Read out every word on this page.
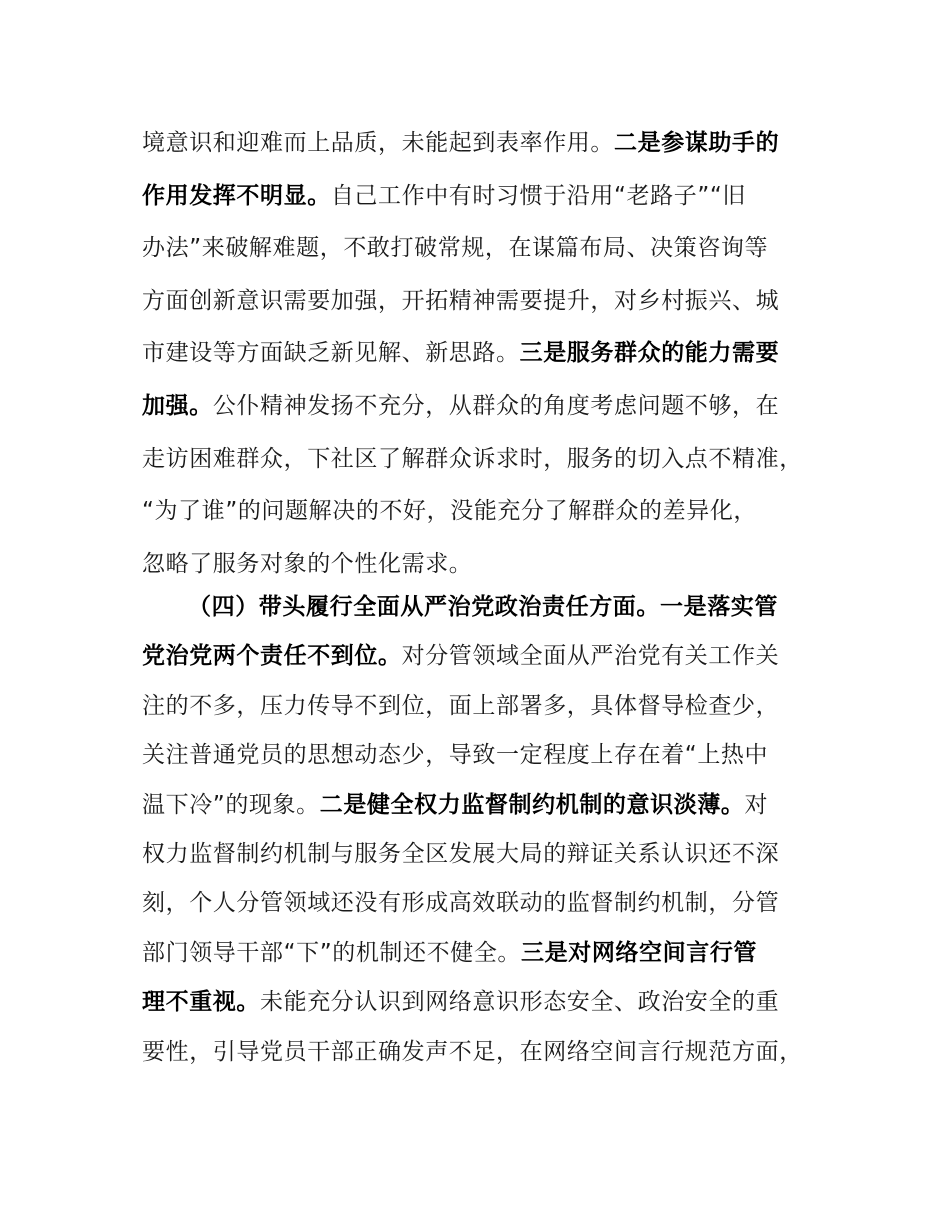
境意识和迎难而上品质，未能起到表率作用。二是参谋助手的
作用发挥不明显。自己工作中有时习惯于沿用“老路子”“旧
办法”来破解难题，不敢打破常规，在谋篇布局、决策咨询等
方面创新意识需要加强，开拓精神需要提升，对乡村振兴、城
市建设等方面缺乏新见解、新思路。三是服务群众的能力需要
加强。公仆精神发扬不充分，从群众的角度考虑问题不够，在
走访困难群众，下社区了解群众诉求时，服务的切入点不精准，
“为了谁”的问题解决的不好，没能充分了解群众的差异化，
忽略了服务对象的个性化需求。
（四）带头履行全面从严治党政治责任方面。一是落实管
党治党两个责任不到位。对分管领域全面从严治党有关工作关
注的不多，压力传导不到位，面上部署多，具体督导检查少，
关注普通党员的思想动态少，导致一定程度上存在着“上热中
温下冷”的现象。二是健全权力监督制约机制的意识淡薄。对
权力监督制约机制与服务全区发展大局的辩证关系认识还不深
刻，个人分管领域还没有形成高效联动的监督制约机制，分管
部门领导干部“下”的机制还不健全。三是对网络空间言行管
理不重视。未能充分认识到网络意识形态安全、政治安全的重
要性，引导党员干部正确发声不足，在网络空间言行规范方面，
